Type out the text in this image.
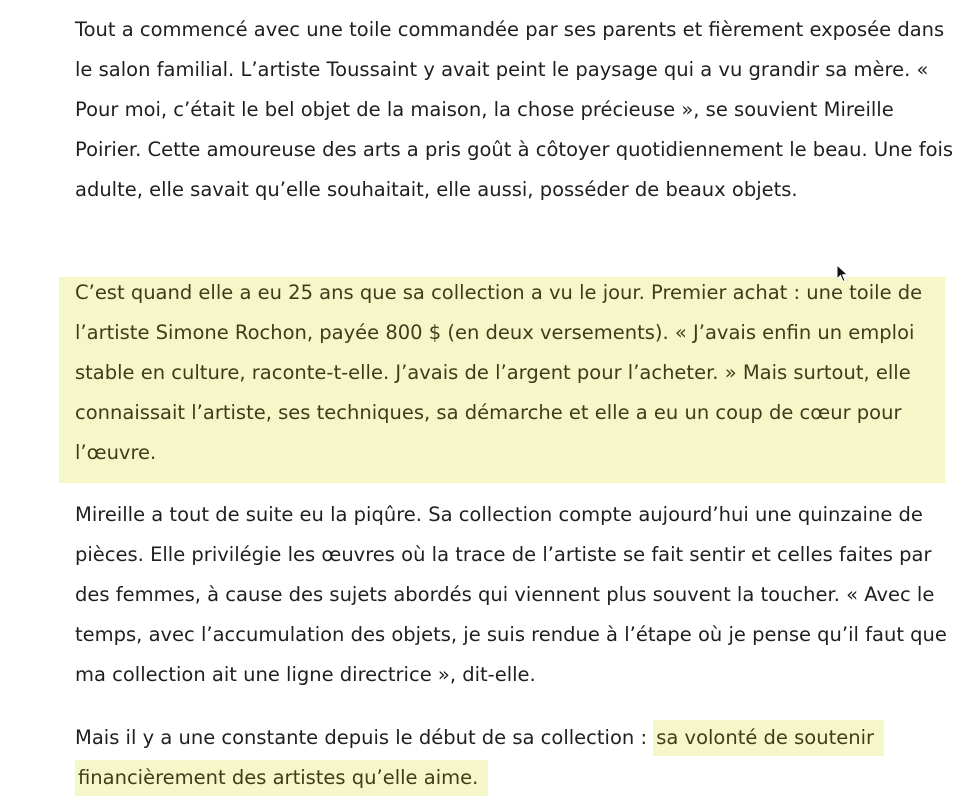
Tout a commencé avec une toile commandée par ses parents et fièrement exposée dans le salon familial. L’artiste Toussaint y avait peint le paysage qui a vu grandir sa mère. « Pour moi, c’était le bel objet de la maison, la chose précieuse », se souvient Mireille Poirier. Cette amoureuse des arts a pris goût à côtoyer quotidiennement le beau. Une fois adulte, elle savait qu’elle souhaitait, elle aussi, posséder de beaux objets.

C’est quand elle a eu 25 ans que sa collection a vu le jour. Premier achat : une toile de l’artiste Simone Rochon, payée 800 $ (en deux versements). « J’avais enfin un emploi stable en culture, raconte-t-elle. J’avais de l’argent pour l’acheter. » Mais surtout, elle connaissait l’artiste, ses techniques, sa démarche et elle a eu un coup de cœur pour l’œuvre.

Mireille a tout de suite eu la piqûre. Sa collection compte aujourd’hui une quinzaine de pièces. Elle privilégie les œuvres où la trace de l’artiste se fait sentir et celles faites par des femmes, à cause des sujets abordés qui viennent plus souvent la toucher. « Avec le temps, avec l’accumulation des objets, je suis rendue à l’étape où je pense qu’il faut que ma collection ait une ligne directrice », dit-elle.

Mais il y a une constante depuis le début de sa collection : sa volonté de soutenir financièrement des artistes qu’elle aime.
